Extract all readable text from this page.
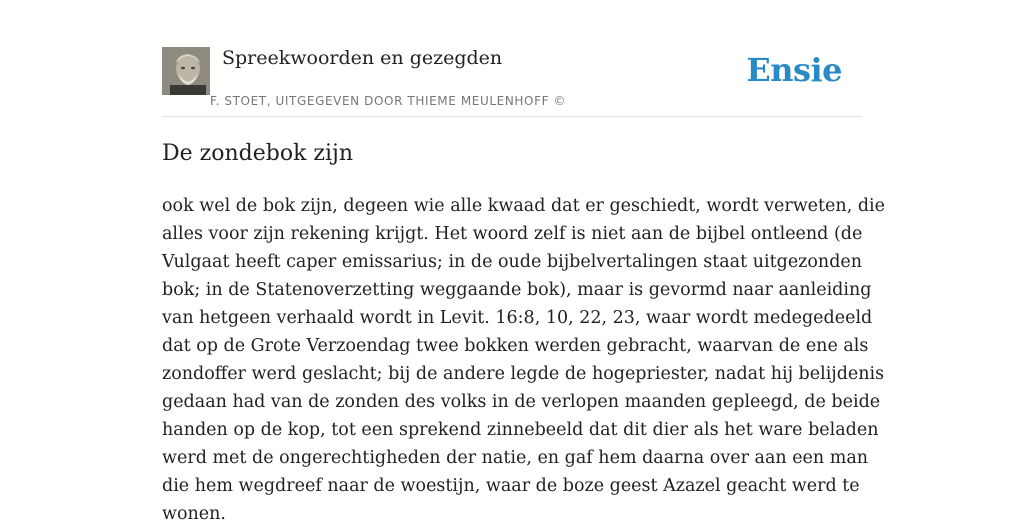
Spreekwoorden en gezegden
F. STOET, UITGEGEVEN DOOR THIEME MEULENHOFF ©
Ensie
De zondebok zijn

ook wel de bok zijn, degeen wie alle kwaad dat er geschiedt, wordt verweten, die
alles voor zijn rekening krijgt. Het woord zelf is niet aan de bijbel ontleend (de
Vulgaat heeft caper emissarius; in de oude bijbelvertalingen staat uitgezonden
bok; in de Statenoverzetting weggaande bok), maar is gevormd naar aanleiding
van hetgeen verhaald wordt in Levit. 16:8, 10, 22, 23, waar wordt medegedeeld
dat op de Grote Verzoendag twee bokken werden gebracht, waarvan de ene als
zondoffer werd geslacht; bij de andere legde de hogepriester, nadat hij belijdenis
gedaan had van de zonden des volks in de verlopen maanden gepleegd, de beide
handen op de kop, tot een sprekend zinnebeeld dat dit dier als het ware beladen
werd met de ongerechtigheden der natie, en gaf hem daarna over aan een man
die hem wegdreef naar de woestijn, waar de boze geest Azazel geacht werd te
wonen.
